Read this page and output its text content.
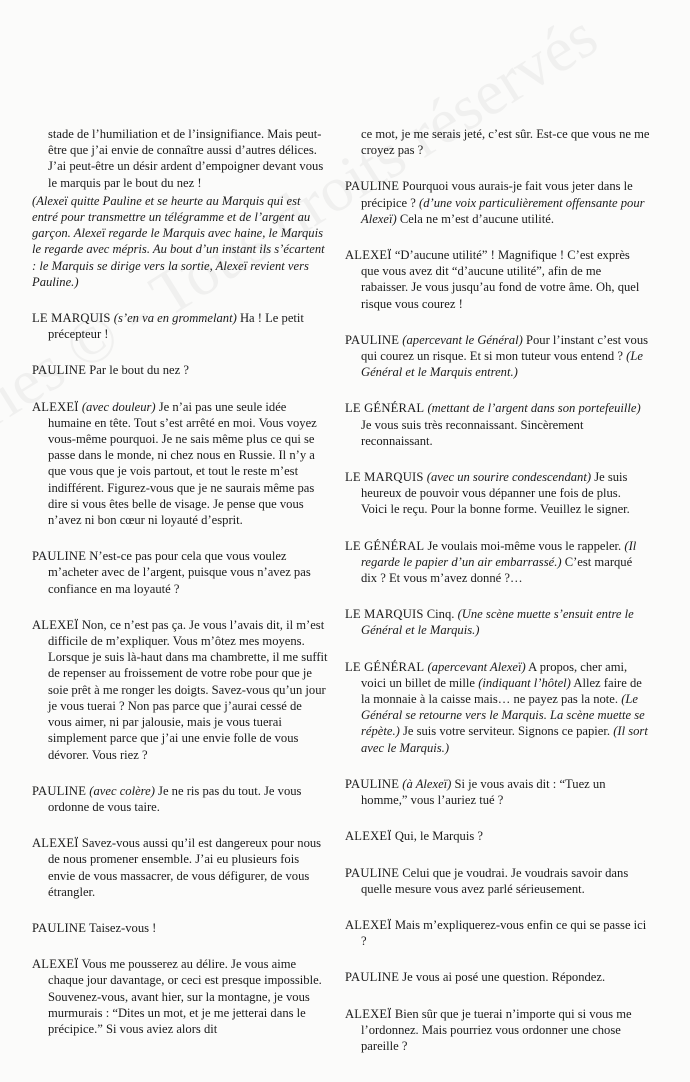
stade de l’humiliation et de l’insignifiance. Mais peut-être que j’ai envie de connaître aussi d’autres délices. J’ai peut-être un désir ardent d’empoigner devant vous le marquis par le bout du nez !

(Alexeï quitte Pauline et se heurte au Marquis qui est entré pour transmettre un télégramme et de l’argent au garçon. Alexeï regarde le Marquis avec haine, le Marquis le regarde avec mépris. Au bout d’un instant ils s’écartent : le Marquis se dirige vers la sortie, Alexeï revient vers Pauline.)

LE MARQUIS (s’en va en grommelant) Ha ! Le petit précepteur !

PAULINE Par le bout du nez ?

ALEXEÏ (avec douleur) Je n’ai pas une seule idée humaine en tête. Tout s’est arrêté en moi. Vous voyez vous-même pourquoi. Je ne sais même plus ce qui se passe dans le monde, ni chez nous en Russie. Il n’y a que vous que je vois partout, et tout le reste m’est indifférent. Figurez-vous que je ne saurais même pas dire si vous êtes belle de visage. Je pense que vous n’avez ni bon cœur ni loyauté d’esprit.

PAULINE N’est-ce pas pour cela que vous voulez m’acheter avec de l’argent, puisque vous n’avez pas confiance en ma loyauté ?

ALEXEÏ Non, ce n’est pas ça. Je vous l’avais dit, il m’est difficile de m’expliquer. Vous m’ôtez mes moyens. Lorsque je suis là-haut dans ma chambrette, il me suffit de repenser au froissement de votre robe pour que je soie prêt à me ronger les doigts. Savez-vous qu’un jour je vous tuerai ? Non pas parce que j’aurai cessé de vous aimer, ni par jalousie, mais je vous tuerai simplement parce que j’ai une envie folle de vous dévorer. Vous riez ?

PAULINE (avec colère) Je ne ris pas du tout. Je vous ordonne de vous taire.

ALEXEÏ Savez-vous aussi qu’il est dangereux pour nous de nous promener ensemble. J’ai eu plusieurs fois envie de vous massacrer, de vous défigurer, de vous étrangler.

PAULINE Taisez-vous !

ALEXEÏ Vous me pousserez au délire. Je vous aime chaque jour davantage, or ceci est presque impossible. Souvenez-vous, avant hier, sur la montagne, je vous murmurais : “Dites un mot, et je me jetterai dans le précipice.” Si vous aviez alors dit

ce mot, je me serais jeté, c’est sûr. Est-ce que vous ne me croyez pas ?

PAULINE Pourquoi vous aurais-je fait vous jeter dans le précipice ? (d’une voix particulièrement offensante pour Alexeï) Cela ne m’est d’aucune utilité.

ALEXEÏ “D’aucune utilité” ! Magnifique ! C’est exprès que vous avez dit “d’aucune utilité”, afin de me rabaisser. Je vous jusqu’au fond de votre âme. Oh, quel risque vous courez !

PAULINE (apercevant le Général) Pour l’instant c’est vous qui courez un risque. Et si mon tuteur vous entend ? (Le Général et le Marquis entrent.)

LE GÉNÉRAL (mettant de l’argent dans son portefeuille) Je vous suis très reconnaissant. Sincèrement reconnaissant.

LE MARQUIS (avec un sourire condescendant) Je suis heureux de pouvoir vous dépanner une fois de plus. Voici le reçu. Pour la bonne forme. Veuillez le signer.

LE GÉNÉRAL Je voulais moi-même vous le rappeler. (Il regarde le papier d’un air embarrassé.) C’est marqué dix ? Et vous m’avez donné ?…

LE MARQUIS Cinq. (Une scène muette s’ensuit entre le Général et le Marquis.)

LE GÉNÉRAL (apercevant Alexeï) A propos, cher ami, voici un billet de mille (indiquant l’hôtel) Allez faire de la monnaie à la caisse mais… ne payez pas la note. (Le Général se retourne vers le Marquis. La scène muette se répète.) Je suis votre serviteur. Signons ce papier. (Il sort avec le Marquis.)

PAULINE (à Alexeï) Si je vous avais dit : “Tuez un homme,” vous l’auriez tué ?

ALEXEÏ Qui, le Marquis ?

PAULINE Celui que je voudrai. Je voudrais savoir dans quelle mesure vous avez parlé sérieusement.

ALEXEÏ Mais m’expliquerez-vous enfin ce qui se passe ici ?

PAULINE Je vous ai posé une question. Répondez.

ALEXEÏ Bien sûr que je tuerai n’importe qui si vous me l’ordonnez. Mais pourriez vous ordonner une chose pareille ?
